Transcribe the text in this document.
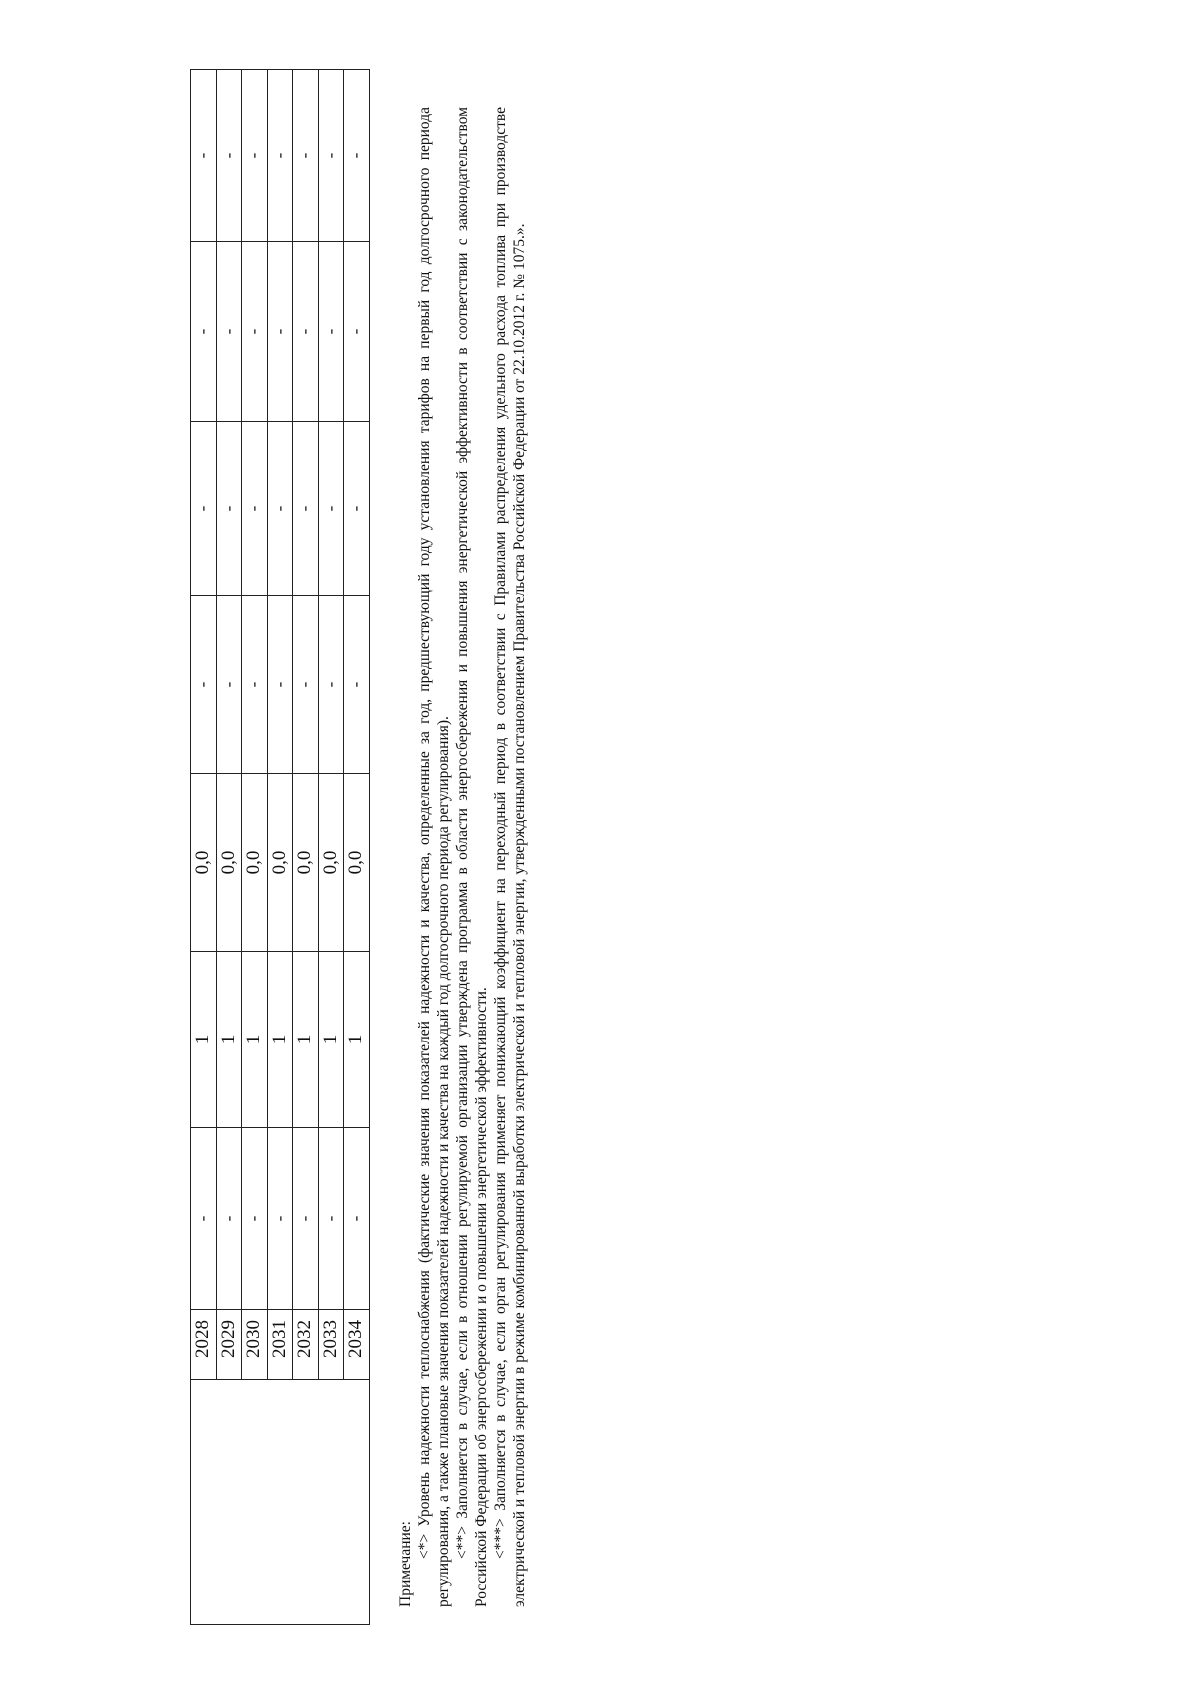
	2028	-	1	0,0	-	-	-	-
	2029	-	1	0,0	-	-	-	-
	2030	-	1	0,0	-	-	-	-
	2031	-	1	0,0	-	-	-	-
	2032	-	1	0,0	-	-	-	-
	2033	-	1	0,0	-	-	-	-
	2034	-	1	0,0	-	-	-	-

Примечание:

<*> Уровень надежности теплоснабжения (фактические значения показателей надежности и качества, определенные за год, предшествующий году установления тарифов на первый год долгосрочного периода регулирования, а также плановые значения показателей надежности и качества на каждый год долгосрочного периода регулирования). <**> Заполняется в случае, если в отношении регулируемой организации утверждена программа в области энергосбережения и повышения энергетической эффективности в соответствии с законодательством Российской Федерации об энергосбережении и о повышении энергетической эффективности. <***> Заполняется в случае, если орган регулирования применяет понижающий коэффициент на переходный период в соответствии с Правилами распределения удельного расхода топлива при производстве электрической и тепловой энергии в режиме комбинированной выработки электрической и тепловой энергии, утвержденными постановлением Правительства Российской Федерации от 22.10.2012 г. № 1075.».
